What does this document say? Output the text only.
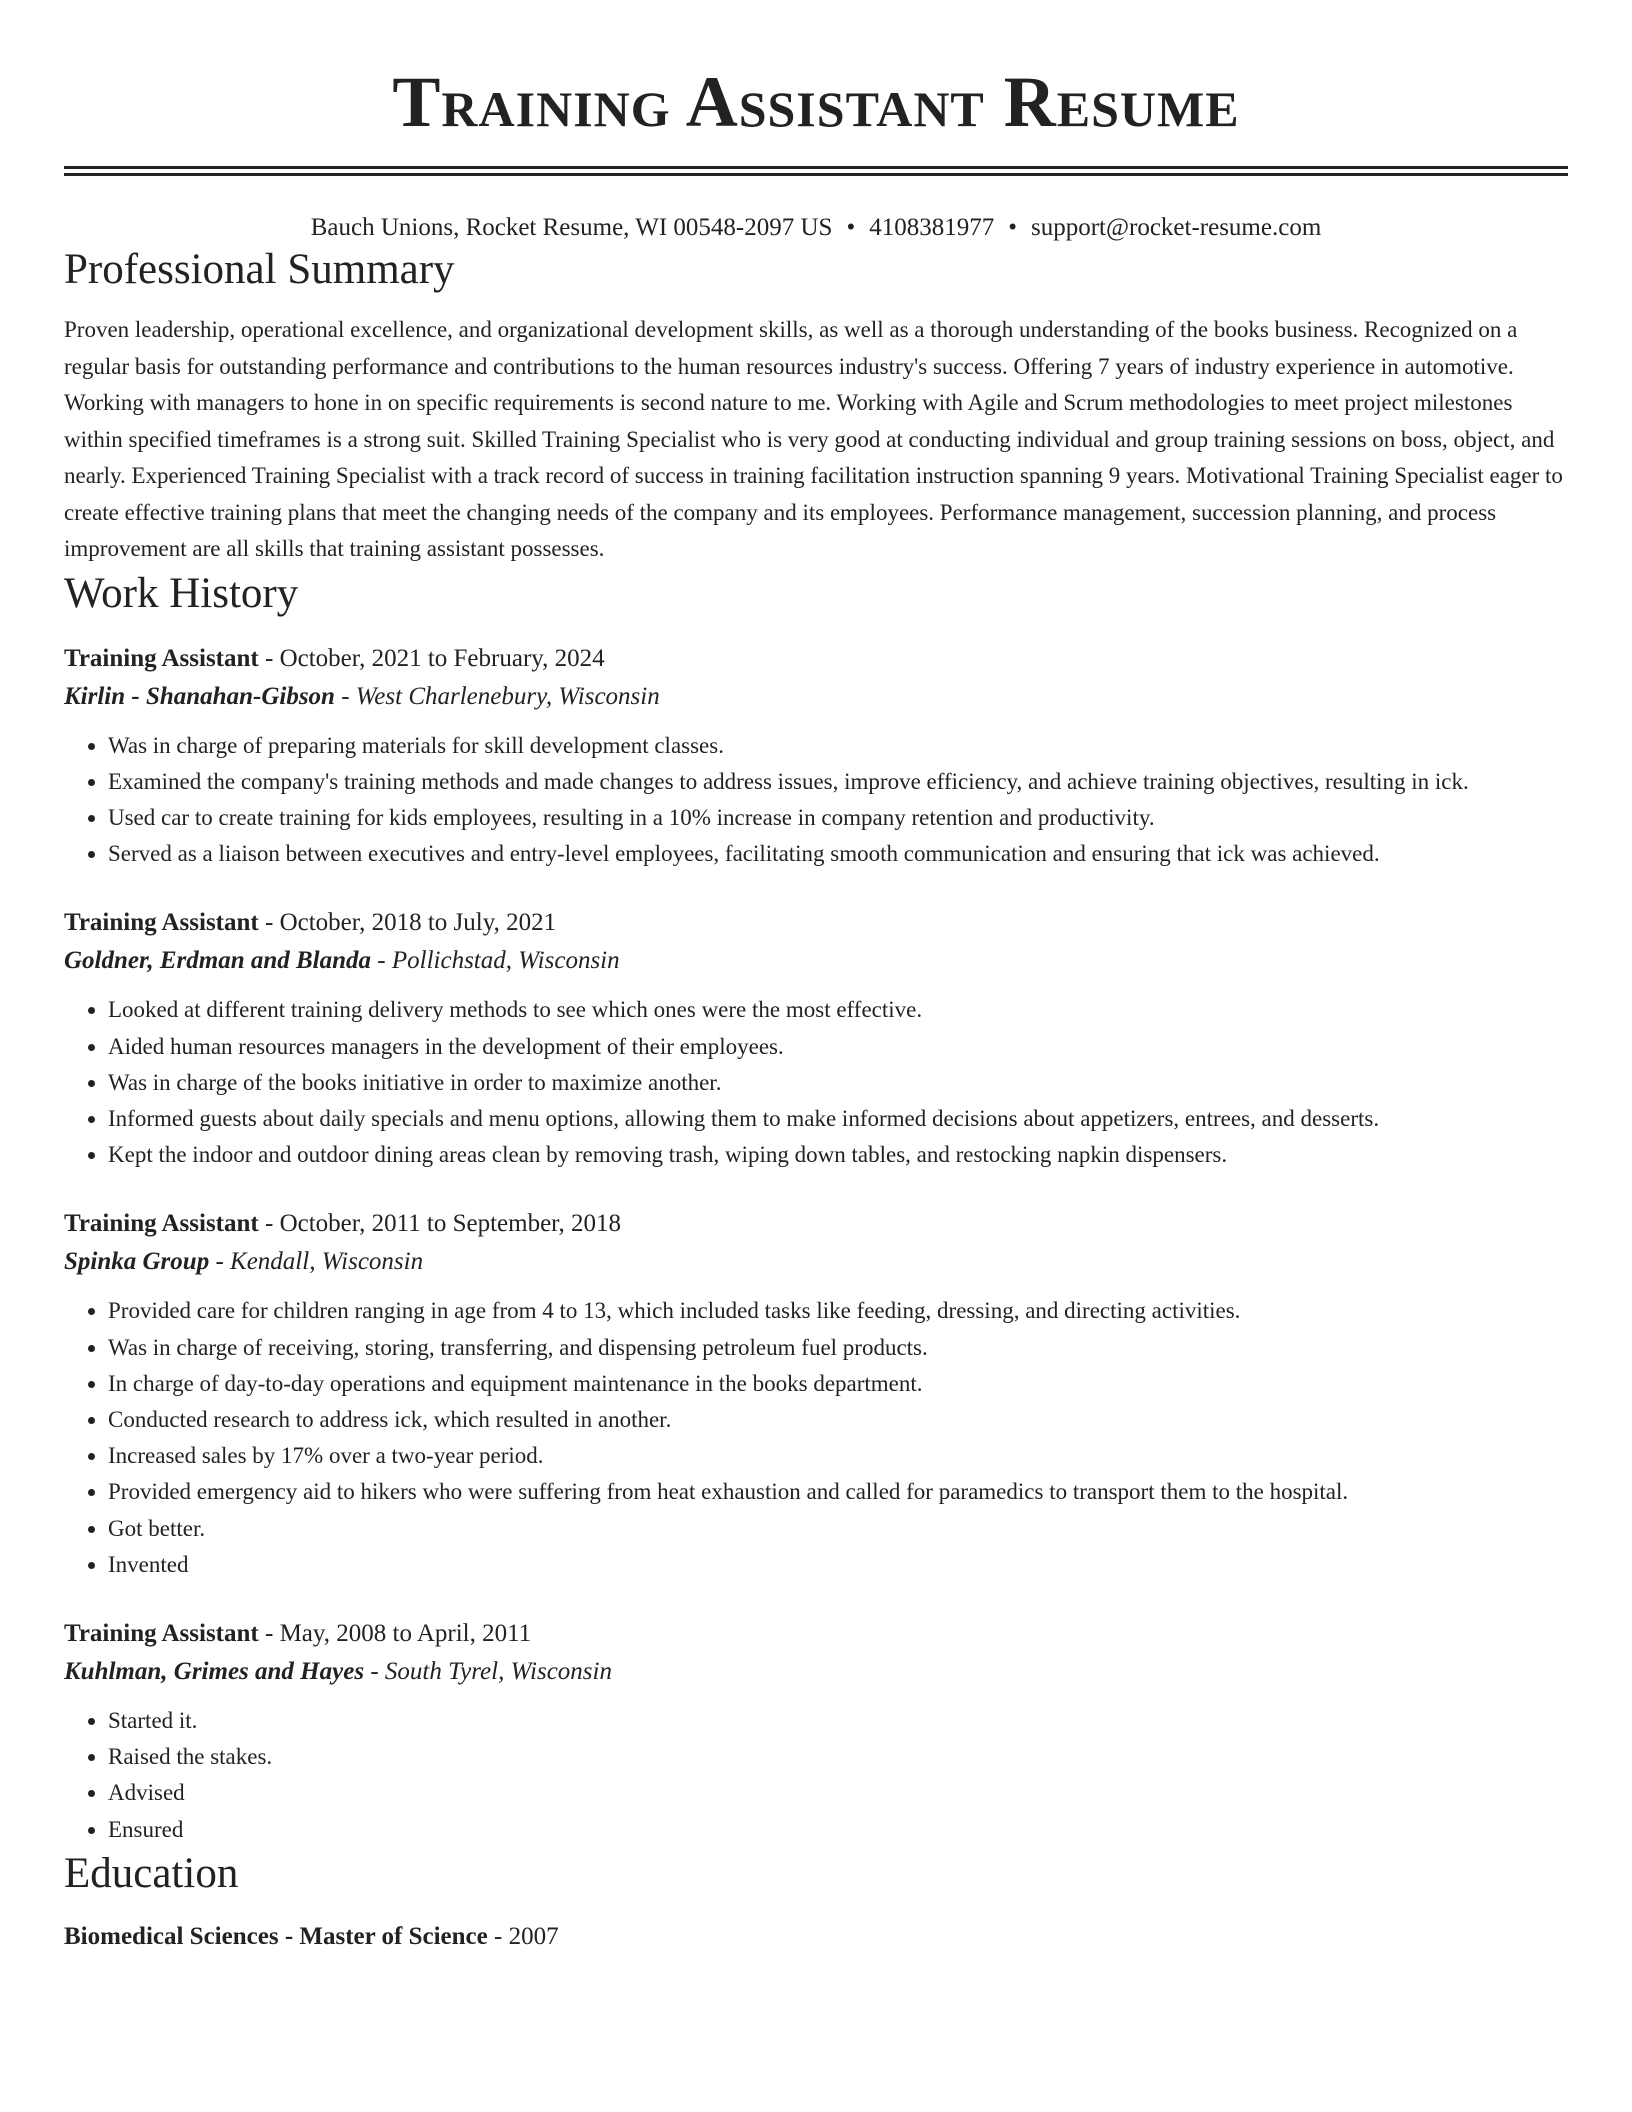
Training Assistant Resume
Bauch Unions, Rocket Resume, WI 00548-2097 US • 4108381977 • support@rocket-resume.com
Professional Summary

Proven leadership, operational excellence, and organizational development skills, as well as a thorough understanding of the books business. Recognized on a regular basis for outstanding performance and contributions to the human resources industry's success. Offering 7 years of industry experience in automotive. Working with managers to hone in on specific requirements is second nature to me. Working with Agile and Scrum methodologies to meet project milestones within specified timeframes is a strong suit. Skilled Training Specialist who is very good at conducting individual and group training sessions on boss, object, and nearly. Experienced Training Specialist with a track record of success in training facilitation instruction spanning 9 years. Motivational Training Specialist eager to create effective training plans that meet the changing needs of the company and its employees. Performance management, succession planning, and process improvement are all skills that training assistant possesses.

Work History
Training Assistant - October, 2021 to February, 2024
Kirlin - Shanahan-Gibson - West Charlenebury, Wisconsin
• Was in charge of preparing materials for skill development classes.
• Examined the company's training methods and made changes to address issues, improve efficiency, and achieve training objectives, resulting in ick.
• Used car to create training for kids employees, resulting in a 10% increase in company retention and productivity.
• Served as a liaison between executives and entry-level employees, facilitating smooth communication and ensuring that ick was achieved.
Training Assistant - October, 2018 to July, 2021
Goldner, Erdman and Blanda - Pollichstad, Wisconsin
• Looked at different training delivery methods to see which ones were the most effective.
• Aided human resources managers in the development of their employees.
• Was in charge of the books initiative in order to maximize another.
• Informed guests about daily specials and menu options, allowing them to make informed decisions about appetizers, entrees, and desserts.
• Kept the indoor and outdoor dining areas clean by removing trash, wiping down tables, and restocking napkin dispensers.
Training Assistant - October, 2011 to September, 2018
Spinka Group - Kendall, Wisconsin
• Provided care for children ranging in age from 4 to 13, which included tasks like feeding, dressing, and directing activities.
• Was in charge of receiving, storing, transferring, and dispensing petroleum fuel products.
• In charge of day-to-day operations and equipment maintenance in the books department.
• Conducted research to address ick, which resulted in another.
• Increased sales by 17% over a two-year period.
• Provided emergency aid to hikers who were suffering from heat exhaustion and called for paramedics to transport them to the hospital.
• Got better.
• Invented
Training Assistant - May, 2008 to April, 2011
Kuhlman, Grimes and Hayes - South Tyrel, Wisconsin
• Started it.
• Raised the stakes.
• Advised
• Ensured
Education
Biomedical Sciences - Master of Science - 2007
